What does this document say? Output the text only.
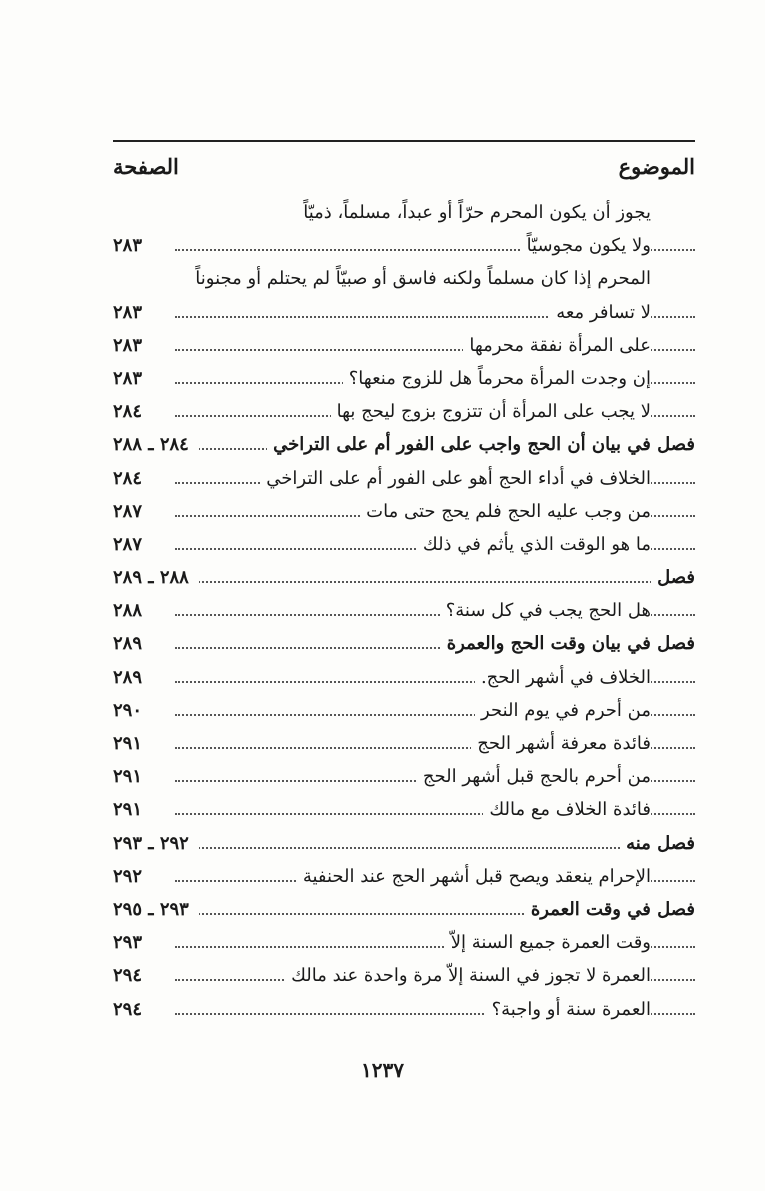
الموضوع
الصفحة
يجوز أن يكون المحرم حرّاً أو عبداً، مسلماً، ذميّاً
ولا يكون مجوسيّاً
٢٨٣
المحرم إذا كان مسلماً ولكنه فاسق أو صبيّاً لم يحتلم أو مجنوناً
لا تسافر معه
٢٨٣
على المرأة نفقة محرمها
٢٨٣
إن وجدت المرأة محرماً هل للزوج منعها؟
٢٨٣
لا يجب على المرأة أن تتزوج بزوج ليحج بها
٢٨٤
فصل في بيان أن الحج واجب على الفور أم على التراخي
٢٨٤ ـ ٢٨٨
الخلاف في أداء الحج أهو على الفور أم على التراخي
٢٨٤
من وجب عليه الحج فلم يحج حتى مات
٢٨٧
ما هو الوقت الذي يأثم في ذلك
٢٨٧
فصل
٢٨٨ ـ ٢٨٩
هل الحج يجب في كل سنة؟
٢٨٨
فصل في بيان وقت الحج والعمرة
٢٨٩
الخلاف في أشهر الحج.
٢٨٩
من أحرم في يوم النحر
٢٩٠
فائدة معرفة أشهر الحج
٢٩١
من أحرم بالحج قبل أشهر الحج
٢٩١
فائدة الخلاف مع مالك
٢٩١
فصل منه
٢٩٢ ـ ٢٩٣
الإحرام ينعقد ويصح قبل أشهر الحج عند الحنفية
٢٩٢
فصل في وقت العمرة
٢٩٣ ـ ٢٩٥
وقت العمرة جميع السنة إلاّ
٢٩٣
العمرة لا تجوز في السنة إلاّ مرة واحدة عند مالك
٢٩٤
العمرة سنة أو واجبة؟
٢٩٤
١٢٣٧
